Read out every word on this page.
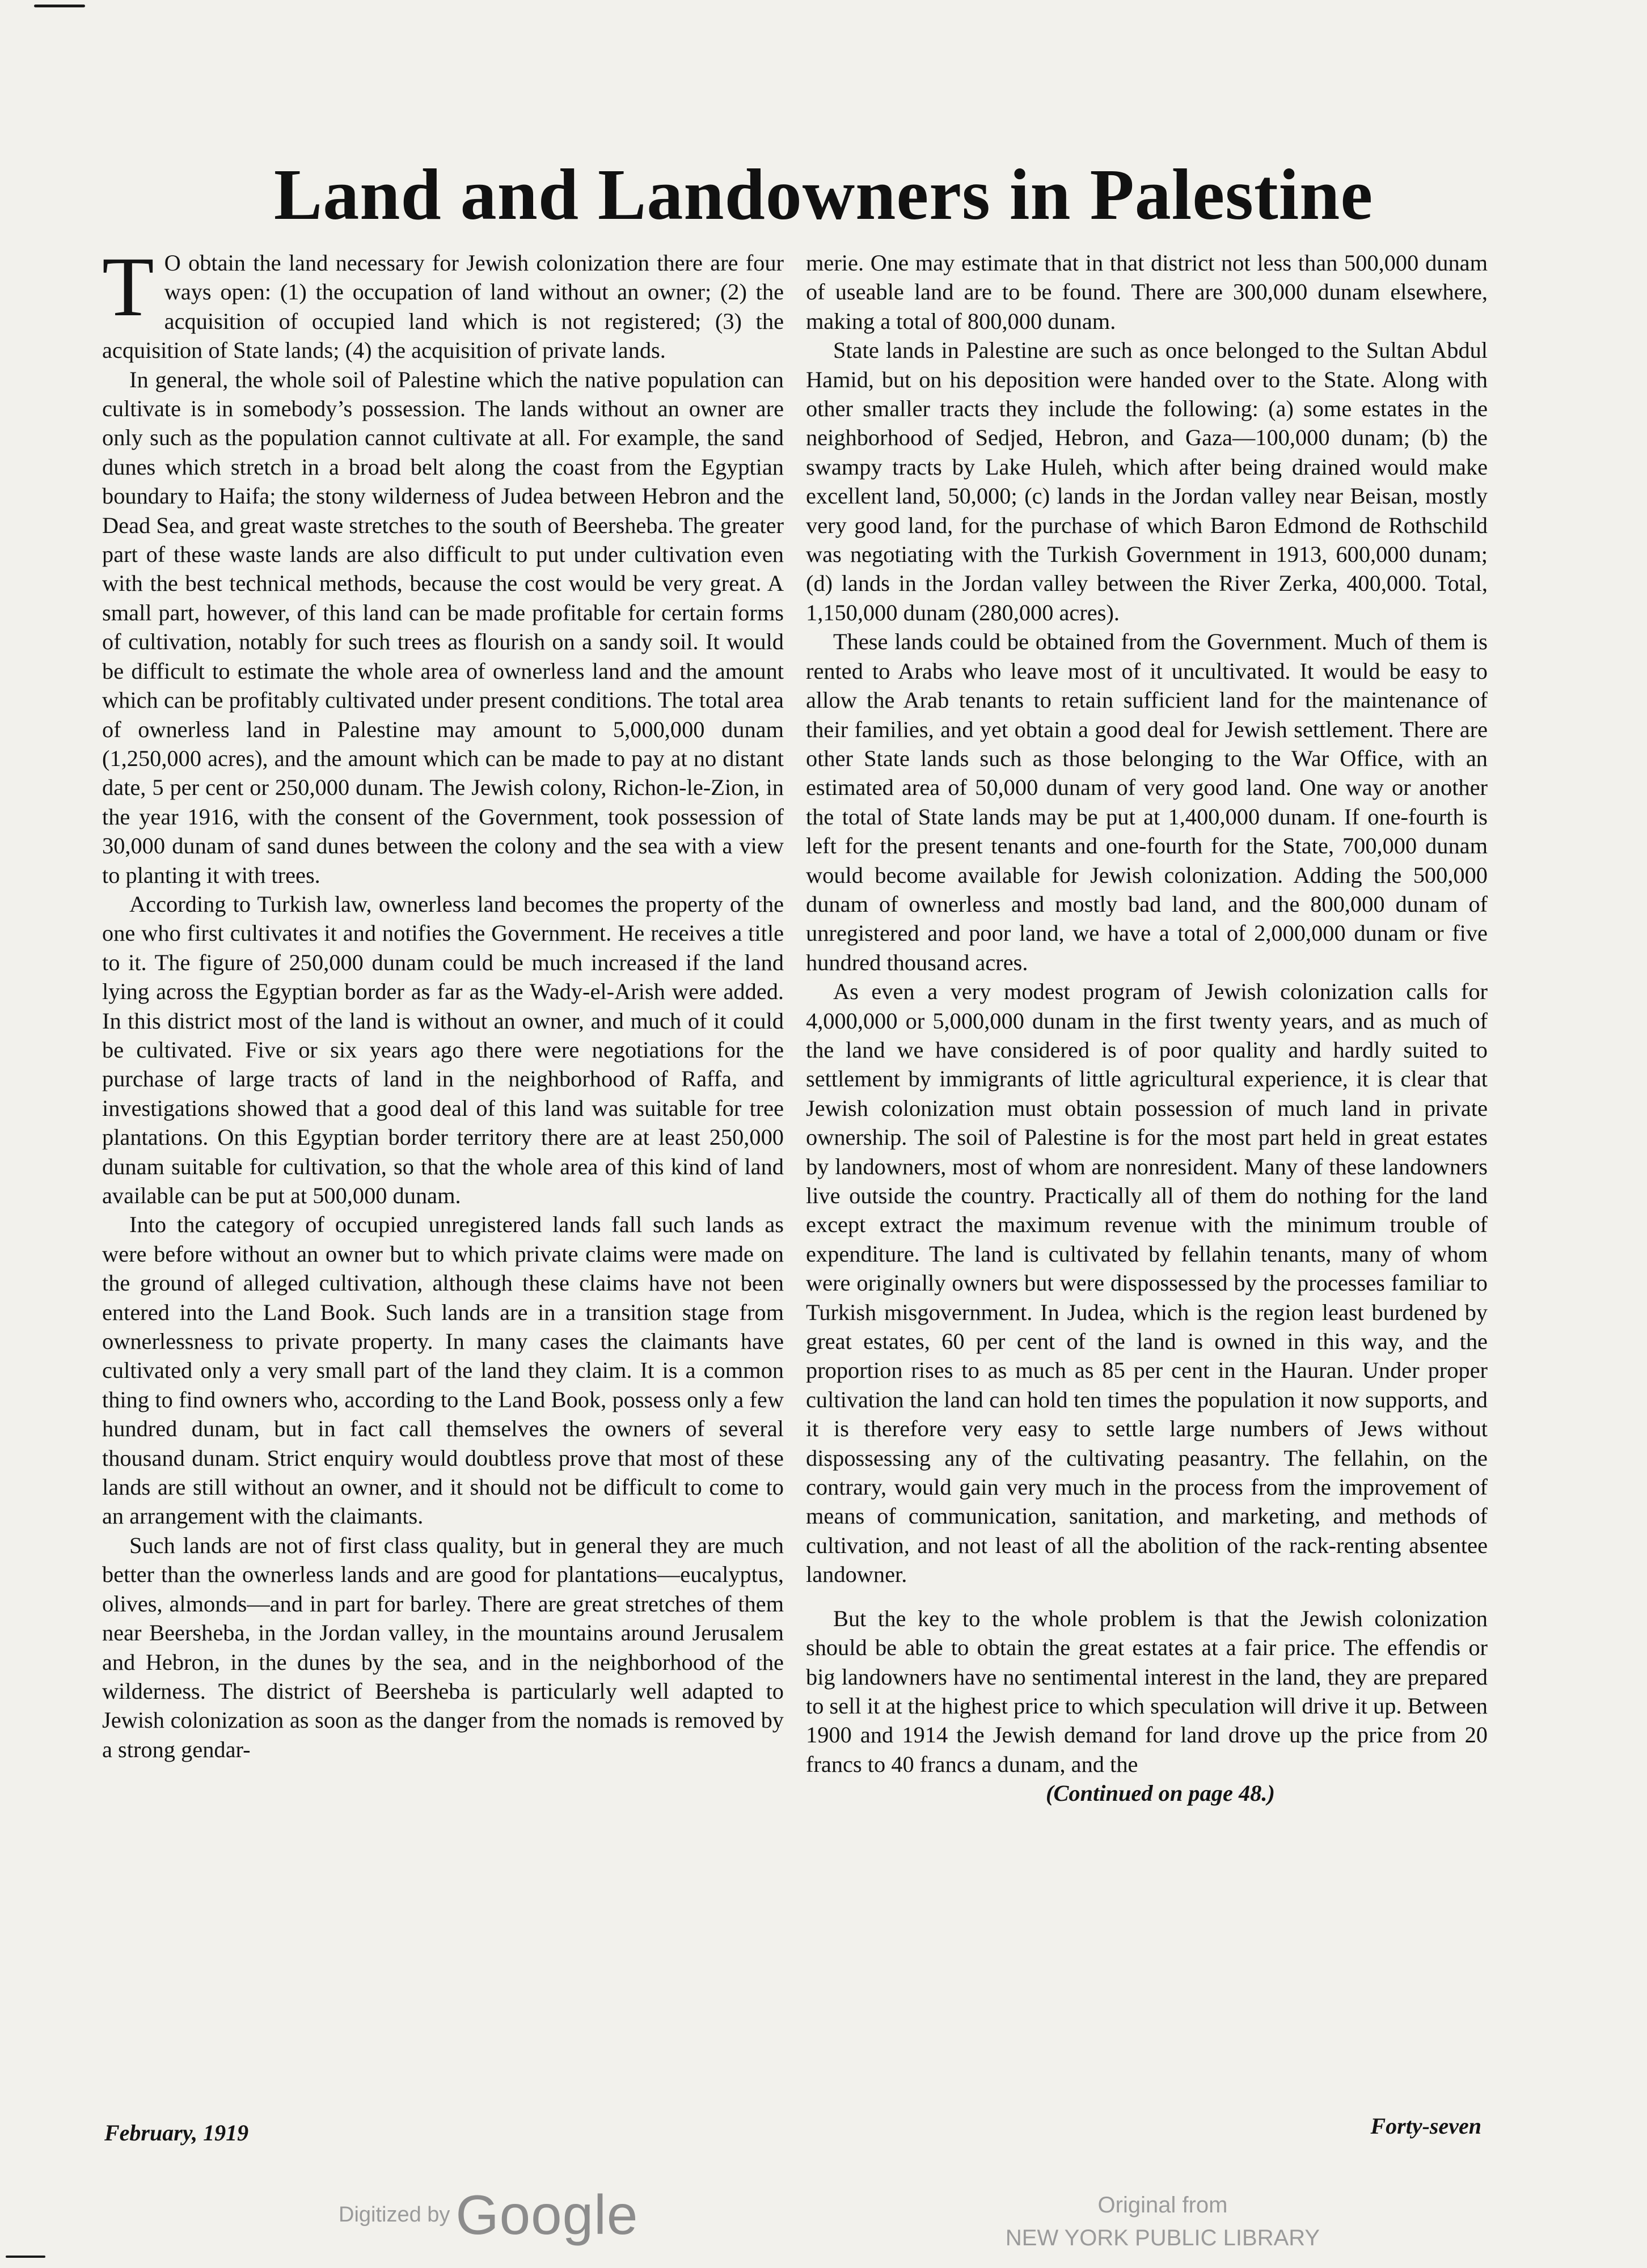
Land and Landowners in Palestine

T O obtain the land necessary for Jewish colonization there are four ways open: (1) the occupation of land without an owner; (2) the acquisition of occupied land which is not registered; (3) the acquisition of State lands; (4) the acquisition of private lands.

In general, the whole soil of Palestine which the native population can cultivate is in somebody’s possession. The lands without an owner are only such as the population cannot cultivate at all. For example, the sand dunes which stretch in a broad belt along the coast from the Egyptian boundary to Haifa; the stony wilderness of Judea between Hebron and the Dead Sea, and great waste stretches to the south of Beersheba. The greater part of these waste lands are also difficult to put under cultivation even with the best technical methods, because the cost would be very great. A small part, however, of this land can be made profitable for certain forms of cultivation, notably for such trees as flourish on a sandy soil. It would be difficult to estimate the whole area of ownerless land and the amount which can be profitably cultivated under present conditions. The total area of ownerless land in Palestine may amount to 5,000,000 dunam (1,250,000 acres), and the amount which can be made to pay at no distant date, 5 per cent or 250,000 dunam. The Jewish colony, Richon-le-Zion, in the year 1916, with the consent of the Government, took possession of 30,000 dunam of sand dunes between the colony and the sea with a view to planting it with trees.

According to Turkish law, ownerless land becomes the property of the one who first cultivates it and notifies the Government. He receives a title to it. The figure of 250,000 dunam could be much increased if the land lying across the Egyptian border as far as the Wady-el-Arish were added. In this district most of the land is without an owner, and much of it could be cultivated. Five or six years ago there were negotiations for the purchase of large tracts of land in the neighborhood of Raffa, and investigations showed that a good deal of this land was suitable for tree plantations. On this Egyptian border territory there are at least 250,000 dunam suitable for cultivation, so that the whole area of this kind of land available can be put at 500,000 dunam.

Into the category of occupied unregistered lands fall such lands as were before without an owner but to which private claims were made on the ground of alleged cultivation, although these claims have not been entered into the Land Book. Such lands are in a transition stage from ownerlessness to private property. In many cases the claimants have cultivated only a very small part of the land they claim. It is a common thing to find owners who, according to the Land Book, possess only a few hundred dunam, but in fact call themselves the owners of several thousand dunam. Strict enquiry would doubtless prove that most of these lands are still without an owner, and it should not be difficult to come to an arrangement with the claimants.

Such lands are not of first class quality, but in general they are much better than the ownerless lands and are good for plantations—eucalyptus, olives, almonds—and in part for barley. There are great stretches of them near Beersheba, in the Jordan valley, in the mountains around Jerusalem and Hebron, in the dunes by the sea, and in the neighborhood of the wilderness. The district of Beersheba is particularly well adapted to Jewish colonization as soon as the danger from the nomads is removed by a strong gendar-

merie. One may estimate that in that district not less than 500,000 dunam of useable land are to be found. There are 300,000 dunam elsewhere, making a total of 800,000 dunam.

State lands in Palestine are such as once belonged to the Sultan Abdul Hamid, but on his deposition were handed over to the State. Along with other smaller tracts they include the following: (a) some estates in the neighborhood of Sedjed, Hebron, and Gaza—100,000 dunam; (b) the swampy tracts by Lake Huleh, which after being drained would make excellent land, 50,000; (c) lands in the Jordan valley near Beisan, mostly very good land, for the purchase of which Baron Edmond de Rothschild was negotiating with the Turkish Government in 1913, 600,000 dunam; (d) lands in the Jordan valley between the River Zerka, 400,000. Total, 1,150,000 dunam (280,000 acres).

These lands could be obtained from the Government. Much of them is rented to Arabs who leave most of it uncultivated. It would be easy to allow the Arab tenants to retain sufficient land for the maintenance of their families, and yet obtain a good deal for Jewish settlement. There are other State lands such as those belonging to the War Office, with an estimated area of 50,000 dunam of very good land. One way or another the total of State lands may be put at 1,400,000 dunam. If one-fourth is left for the present tenants and one-fourth for the State, 700,000 dunam would become available for Jewish colonization. Adding the 500,000 dunam of ownerless and mostly bad land, and the 800,000 dunam of unregistered and poor land, we have a total of 2,000,000 dunam or five hundred thousand acres.

As even a very modest program of Jewish colonization calls for 4,000,000 or 5,000,000 dunam in the first twenty years, and as much of the land we have considered is of poor quality and hardly suited to settlement by immigrants of little agricultural experience, it is clear that Jewish colonization must obtain possession of much land in private ownership. The soil of Palestine is for the most part held in great estates by landowners, most of whom are nonresident. Many of these landowners live outside the country. Practically all of them do nothing for the land except extract the maximum revenue with the minimum trouble of expenditure. The land is cultivated by fellahin tenants, many of whom were originally owners but were dispossessed by the processes familiar to Turkish misgovernment. In Judea, which is the region least burdened by great estates, 60 per cent of the land is owned in this way, and the proportion rises to as much as 85 per cent in the Hauran. Under proper cultivation the land can hold ten times the population it now supports, and it is therefore very easy to settle large numbers of Jews without dispossessing any of the cultivating peasantry. The fellahin, on the contrary, would gain very much in the process from the improvement of means of communication, sanitation, and marketing, and methods of cultivation, and not least of all the abolition of the rack-renting absentee landowner.

But the key to the whole problem is that the Jewish colonization should be able to obtain the great estates at a fair price. The effendis or big landowners have no sentimental interest in the land, they are prepared to sell it at the highest price to which speculation will drive it up. Between 1900 and 1914 the Jewish demand for land drove up the price from 20 francs to 40 francs a dunam, and the

(Continued on page 48.)

February, 1919	Forty-seven
Digitized by Google	Original from
NEW YORK PUBLIC LIBRARY
